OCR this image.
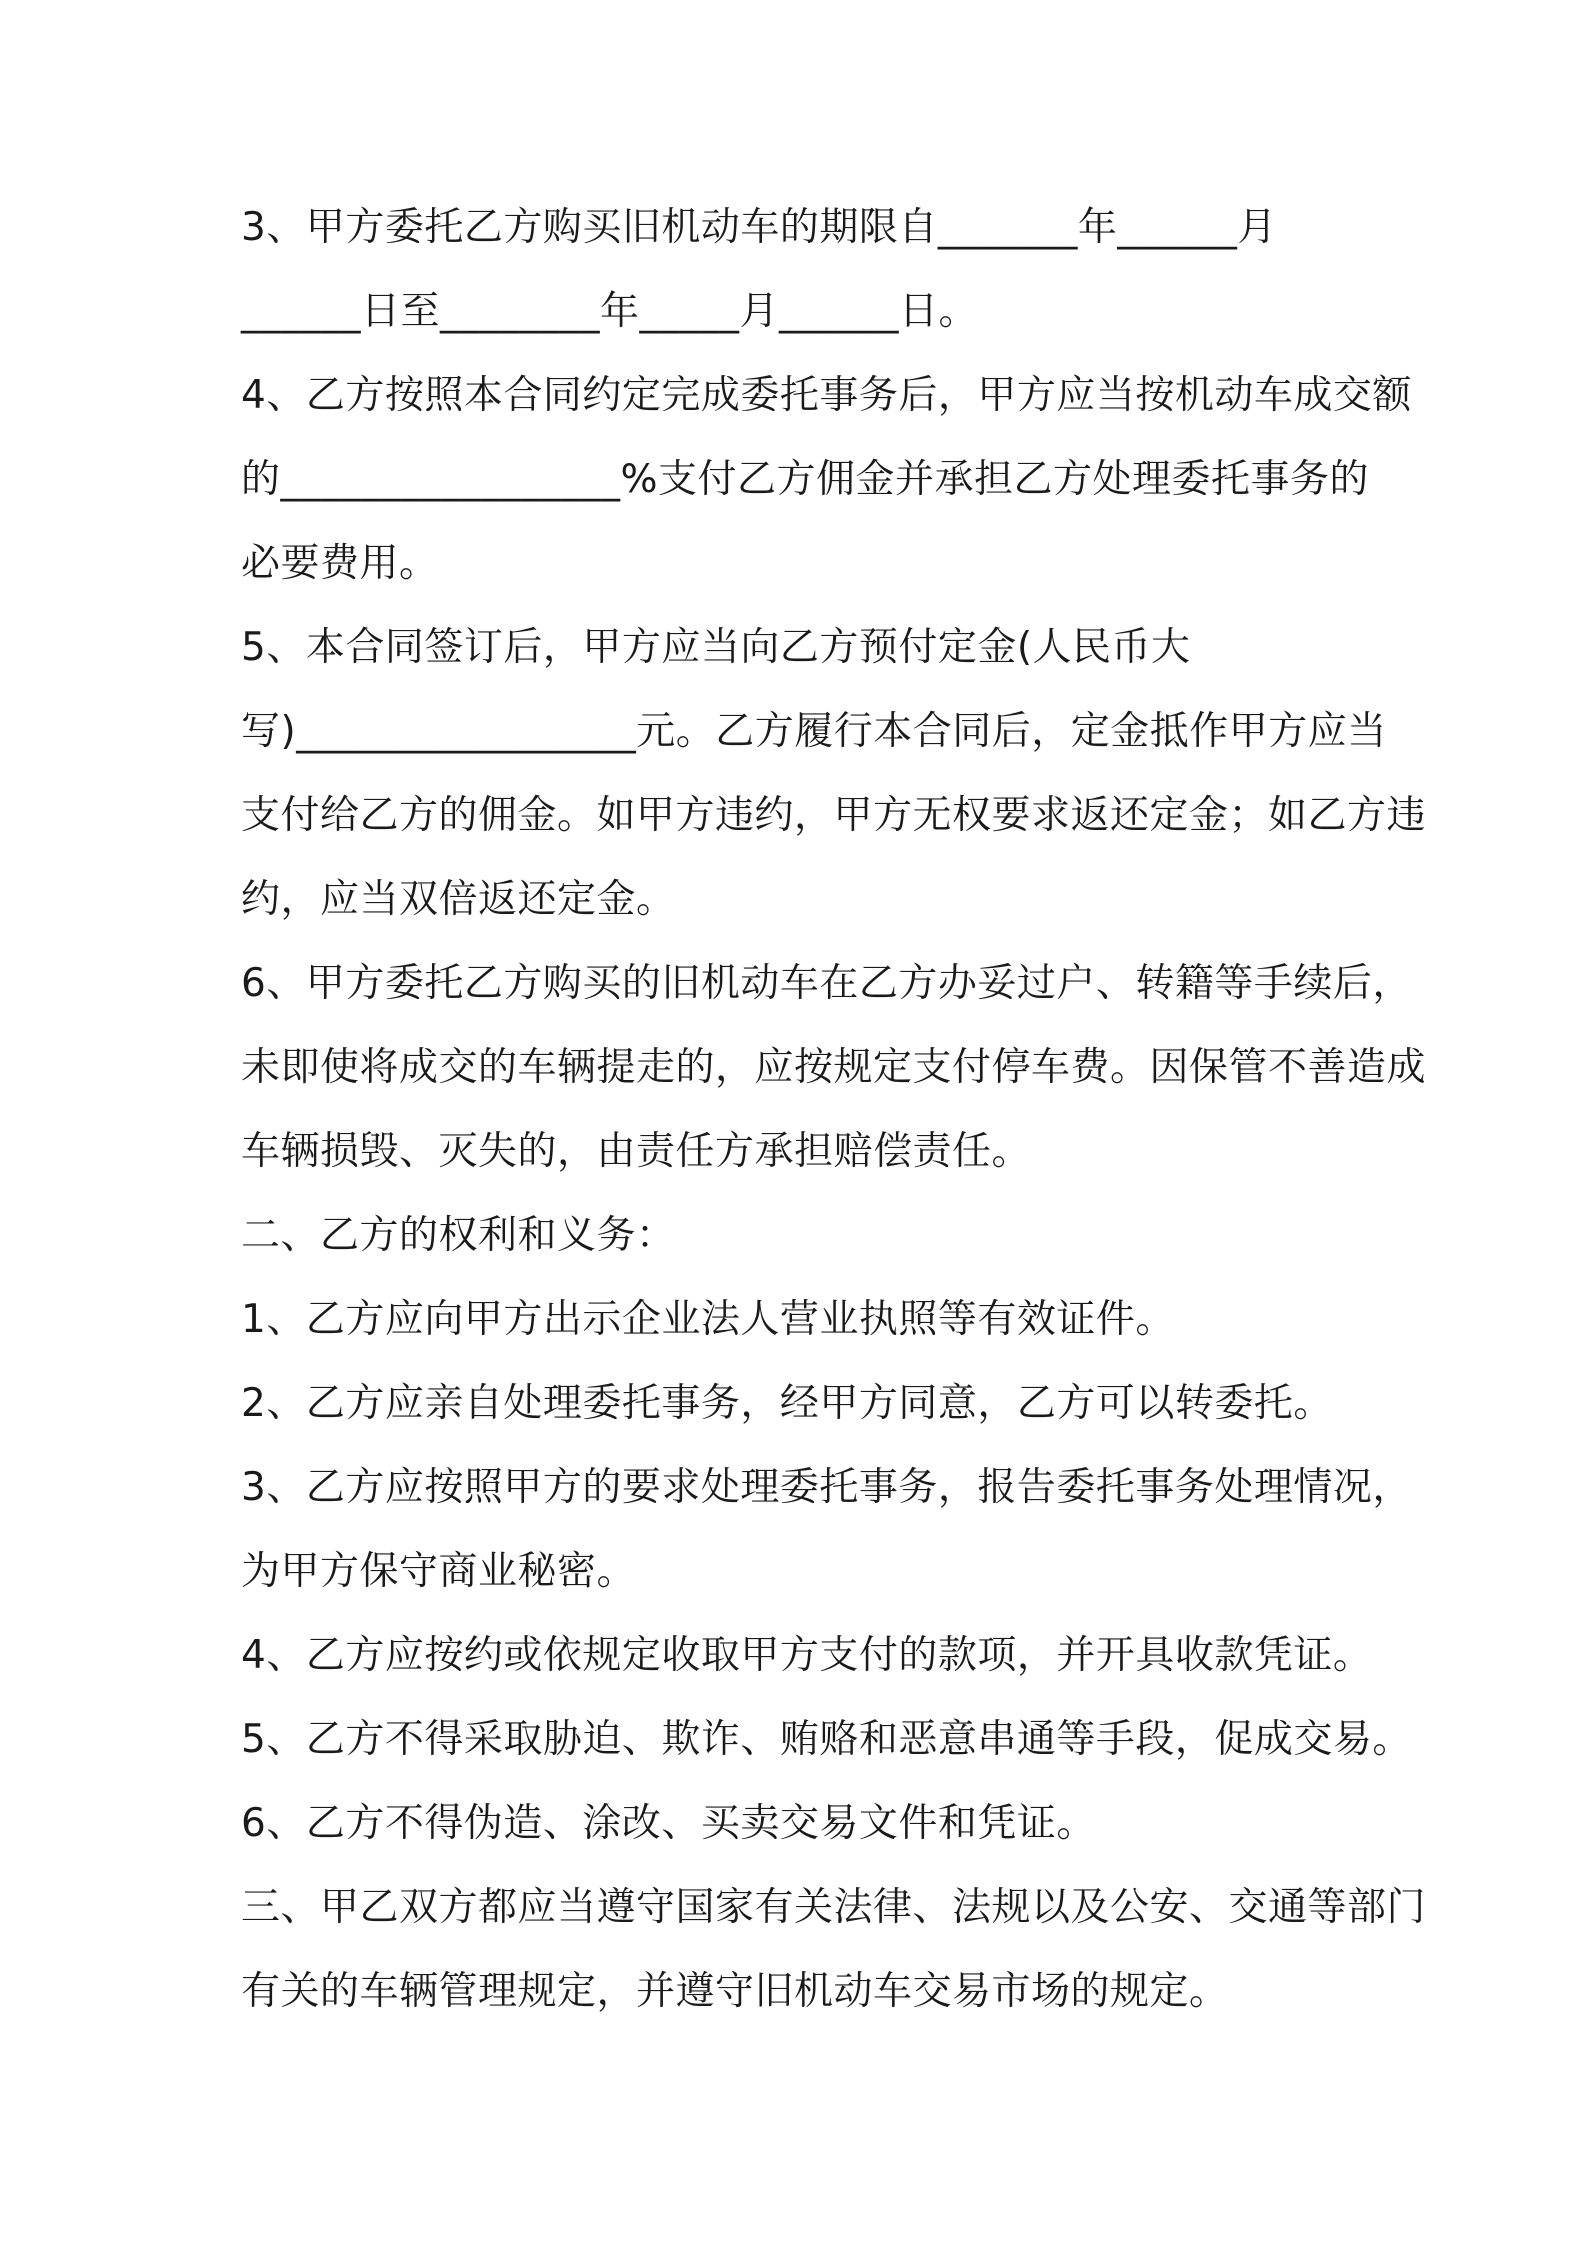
3、甲方委托乙方购买旧机动车的期限自_______年______月
______日至________年_____月______日。
4、乙方按照本合同约定完成委托事务后，甲方应当按机动车成交额
的_________________%支付乙方佣金并承担乙方处理委托事务的
必要费用。
5、本合同签订后，甲方应当向乙方预付定金(人民币大
写)_________________元。乙方履行本合同后，定金抵作甲方应当
支付给乙方的佣金。如甲方违约，甲方无权要求返还定金；如乙方违
约，应当双倍返还定金。
6、甲方委托乙方购买的旧机动车在乙方办妥过户、转籍等手续后，
未即使将成交的车辆提走的，应按规定支付停车费。因保管不善造成
车辆损毁、灭失的，由责任方承担赔偿责任。
二、乙方的权利和义务：
1、乙方应向甲方出示企业法人营业执照等有效证件。
2、乙方应亲自处理委托事务，经甲方同意，乙方可以转委托。
3、乙方应按照甲方的要求处理委托事务，报告委托事务处理情况，
为甲方保守商业秘密。
4、乙方应按约或依规定收取甲方支付的款项，并开具收款凭证。
5、乙方不得采取胁迫、欺诈、贿赂和恶意串通等手段，促成交易。
6、乙方不得伪造、涂改、买卖交易文件和凭证。
三、甲乙双方都应当遵守国家有关法律、法规以及公安、交通等部门
有关的车辆管理规定，并遵守旧机动车交易市场的规定。
